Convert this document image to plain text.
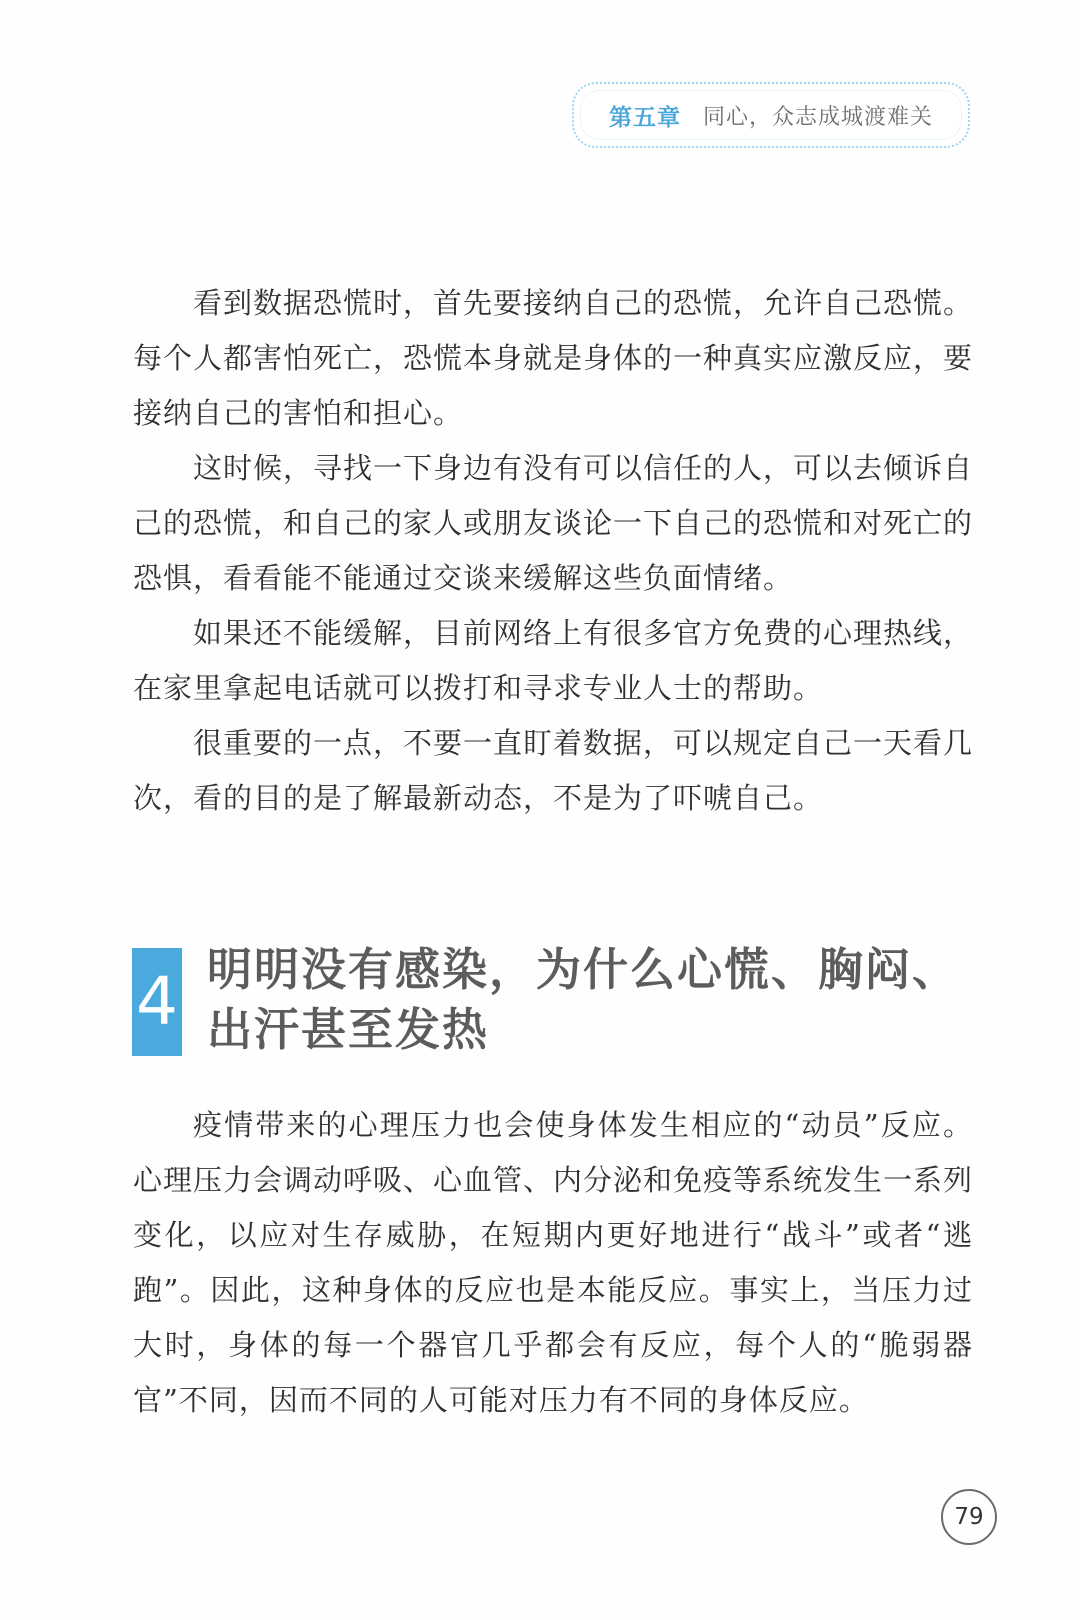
第五章 同心，众志成城渡难关

看到数据恐慌时，首先要接纳自己的恐慌，允许自己恐慌。每个人都害怕死亡，恐慌本身就是身体的一种真实应激反应，要接纳自己的害怕和担心。

这时候，寻找一下身边有没有可以信任的人，可以去倾诉自己的恐慌，和自己的家人或朋友谈论一下自己的恐慌和对死亡的恐惧，看看能不能通过交谈来缓解这些负面情绪。

如果还不能缓解，目前网络上有很多官方免费的心理热线，在家里拿起电话就可以拨打和寻求专业人士的帮助。

很重要的一点，不要一直盯着数据，可以规定自己一天看几次，看的目的是了解最新动态，不是为了吓唬自己。

4 明明没有感染，为什么心慌、胸闷、出汗甚至发热

疫情带来的心理压力也会使身体发生相应的“动员”反应。心理压力会调动呼吸、心血管、内分泌和免疫等系统发生一系列变化，以应对生存威胁，在短期内更好地进行“战斗”或者“逃跑”。因此，这种身体的反应也是本能反应。事实上，当压力过大时，身体的每一个器官几乎都会有反应，每个人的“脆弱器官”不同，因而不同的人可能对压力有不同的身体反应。

79
